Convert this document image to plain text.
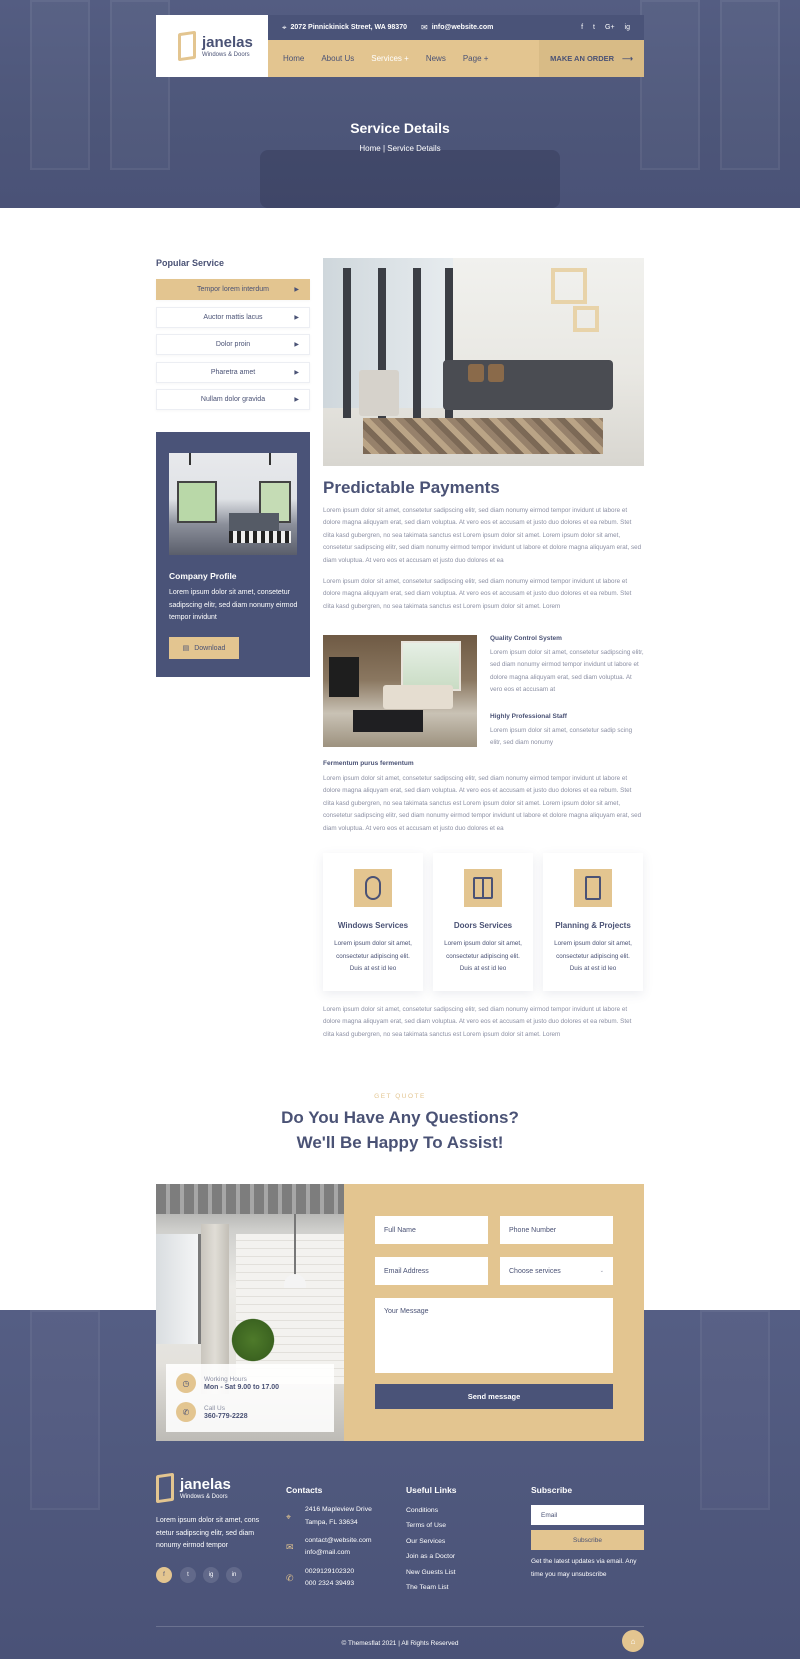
janelas
Windows & Doors
⌖ 2072 Pinnickinick Street, WA 98370 ✉ info@website.com	f t G+ ig
Home About Us Services + News Page +	MAKE AN ORDER ⟶
Service Details
Home | Service Details
Popular Service
Tempor lorem interdum	▶
Auctor mattis lacus	▶
Dolor proin	▶
Pharetra amet	▶
Nullam dolor gravida	▶
Company Profile
Lorem ipsum dolor sit amet, consetetur sadipscing elitr, sed diam nonumy eirmod tempor invidunt
▤ Download
Predictable Payments
Lorem ipsum dolor sit amet, consetetur sadipscing elitr, sed diam nonumy eirmod tempor invidunt ut labore et dolore magna aliquyam erat, sed diam voluptua. At vero eos et accusam et justo duo dolores et ea rebum. Stet clita kasd gubergren, no sea takimata sanctus est Lorem ipsum dolor sit amet. Lorem ipsum dolor sit amet, consetetur sadipscing elitr, sed diam nonumy eirmod tempor invidunt ut labore et dolore magna aliquyam erat, sed diam voluptua. At vero eos et accusam et justo duo dolores et ea
Lorem ipsum dolor sit amet, consetetur sadipscing elitr, sed diam nonumy eirmod tempor invidunt ut labore et dolore magna aliquyam erat, sed diam voluptua. At vero eos et accusam et justo duo dolores et ea rebum. Stet clita kasd gubergren, no sea takimata sanctus est Lorem ipsum dolor sit amet. Lorem
Quality Control System
Lorem ipsum dolor sit amet, consetetur sadipscing elitr, sed diam nonumy eirmod tempor invidunt ut labore et dolore magna aliquyam erat, sed diam voluptua. At vero eos et accusam at
Highly Professional Staff
Lorem ipsum dolor sit amet, consetetur sadip scing elitr, sed diam nonumy
Fermentum purus fermentum
Lorem ipsum dolor sit amet, consetetur sadipscing elitr, sed diam nonumy eirmod tempor invidunt ut labore et dolore magna aliquyam erat, sed diam voluptua. At vero eos et accusam et justo duo dolores et ea rebum. Stet clita kasd gubergren, no sea takimata sanctus est Lorem ipsum dolor sit amet. Lorem ipsum dolor sit amet, consetetur sadipscing elitr, sed diam nonumy eirmod tempor invidunt ut labore et dolore magna aliquyam erat, sed diam voluptua. At vero eos et accusam et justo duo dolores et ea
Windows Services
Lorem ipsum dolor sit amet, consectetur adipiscing elit. Duis at est id leo
Doors Services
Lorem ipsum dolor sit amet, consectetur adipiscing elit. Duis at est id leo
Planning & Projects
Lorem ipsum dolor sit amet, consectetur adipiscing elit. Duis at est id leo
Lorem ipsum dolor sit amet, consetetur sadipscing elitr, sed diam nonumy eirmod tempor invidunt ut labore et dolore magna aliquyam erat, sed diam voluptua. At vero eos et accusam et justo duo dolores et ea rebum. Stet clita kasd gubergren, no sea takimata sanctus est Lorem ipsum dolor sit amet. Lorem
GET QUOTE
Do You Have Any Questions?
We'll Be Happy To Assist!
◷	Working Hours
Mon - Sat 9.00 to 17.00
✆	Call Us
360-779-2228
Full Name	Phone Number
Email Address	Choose services	⌄
Your Message
Send message
janelas
Windows & Doors
Lorem ipsum dolor sit amet, cons etetur sadipscing elitr, sed diam nonumy eirmod tempor
f	t	ig	in
Contacts
⌖
2416 Mapleview Drive Tampa, FL 33634
✉
contact@website.com
info@mail.com
✆
0029129102320
000 2324 39493
Useful Links
Conditions
Terms of Use
Our Services
Join as a Doctor
New Guests List
The Team List
Subscribe
Email
Subscribe
Get the latest updates via email. Any time you may unsubscribe
© Themesflat 2021 | All Rights Reserved	⌂
